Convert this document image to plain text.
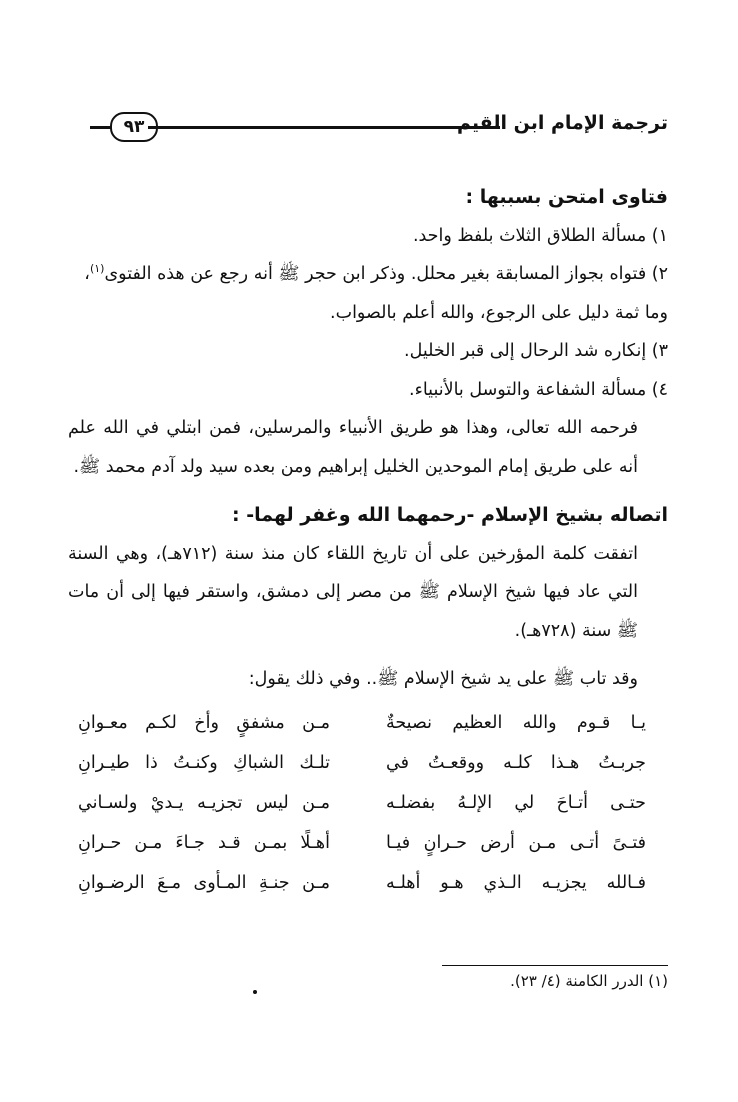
٩٣	ترجمة الإمام ابن القيم

فتاوى امتحن بسببها :

١) مسألة الطلاق الثلاث بلفظ واحد.

٢) فتواه بجواز المسابقة بغير محلل. وذكر ابن حجر ﷺ أنه رجع عن هذه الفتوى$^{(١)}$،

وما ثمة دليل على الرجوع، والله أعلم بالصواب.

٣) إنكاره شد الرحال إلى قبر الخليل.

٤) مسألة الشفاعة والتوسل بالأنبياء.

فرحمه الله تعالى، وهذا هو طريق الأنبياء والمرسلين، فمن ابتلي في الله علم أنه على طريق إمام الموحدين الخليل إبراهيم ومن بعده سيد ولد آدم محمد ﷺ.

اتصاله بشيخ الإسلام -رحمهما الله وغفر لهما- :

اتفقت كلمة المؤرخين على أن تاريخ اللقاء كان منذ سنة (٧١٢هـ)، وهي السنة التي عاد فيها شيخ الإسلام ﷺ من مصر إلى دمشق، واستقر فيها إلى أن مات ﷺ سنة (٧٢٨هـ).

وقد تاب ﷺ على يد شيخ الإسلام ﷺ.. وفي ذلك يقول:

يـا قـوم والله العظيم نصيحةٌ
مـن مشفقٍ وأخ لكـم معـوانِ
جربـتُ هـذا كلـه ووقعـتُ في
تلـك الشباكِ وكنـتُ ذا طيـرانِ
حتـى أتـاحَ لي الإلـهُ بفضلـه
مـن ليس تجزيـه يـديْ ولسـاني
فتـىً أتـى مـن أرض حـرانٍ فيـا
أهـلًا بمـن قـد جـاءَ مـن حـرانِ
فـالله يجزيـه الـذي هـو أهلـه
مـن جنـةِ المـأوى مـعَ الرضـوانِ
(١) الدرر الكامنة (٤/ ٢٣).
